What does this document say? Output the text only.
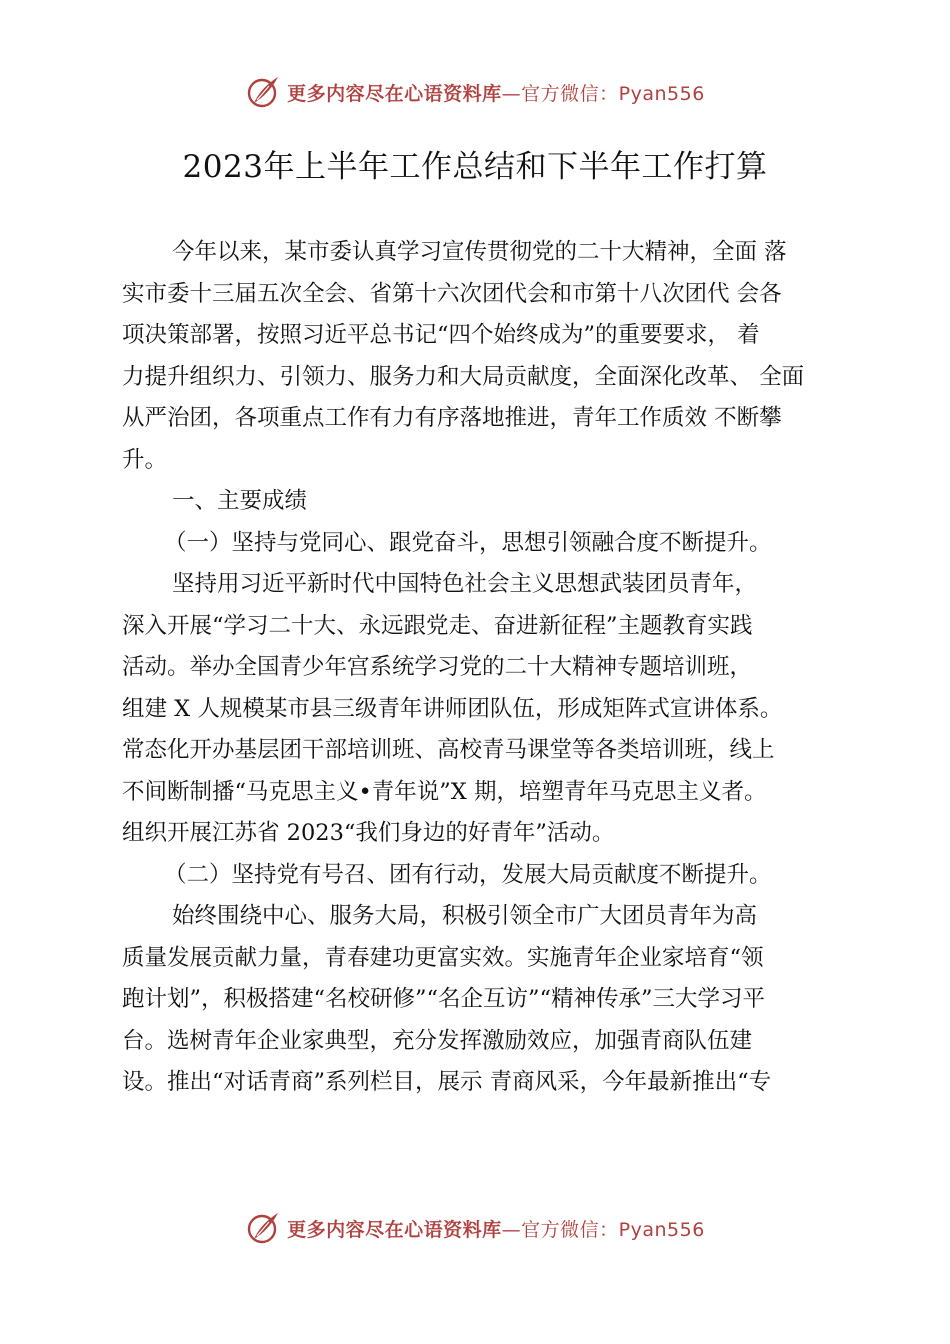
更多内容尽在心语资料库—官方微信：Pyan556
2023年上半年工作总结和下半年工作打算

今年以来，某市委认真学习宣传贯彻党的二十大精神，全面 落

实市委十三届五次全会、省第十六次团代会和市第十八次团代 会各

项决策部署，按照习近平总书记“四个始终成为”的重要要求， 着

力提升组织力、引领力、服务力和大局贡献度，全面深化改革、 全面

从严治团，各项重点工作有力有序落地推进，青年工作质效 不断攀

升。

一、主要成绩

（一）坚持与党同心、跟党奋斗，思想引领融合度不断提升。

坚持用习近平新时代中国特色社会主义思想武装团员青年，

深入开展“学习二十大、永远跟党走、奋进新征程”主题教育实践

活动。举办全国青少年宫系统学习党的二十大精神专题培训班，

组建 X 人规模某市县三级青年讲师团队伍，形成矩阵式宣讲体系。

常态化开办基层团干部培训班、高校青马课堂等各类培训班，线上

不间断制播“马克思主义•青年说”X 期，培塑青年马克思主义者。

组织开展江苏省 2023“我们身边的好青年”活动。

（二）坚持党有号召、团有行动，发展大局贡献度不断提升。

始终围绕中心、服务大局，积极引领全市广大团员青年为高

质量发展贡献力量，青春建功更富实效。实施青年企业家培育“领

跑计划”，积极搭建“名校研修”“名企互访”“精神传承”三大学习平

台。选树青年企业家典型，充分发挥激励效应，加强青商队伍建

设。推出“对话青商”系列栏目，展示 青商风采，今年最新推出“专

更多内容尽在心语资料库—官方微信：Pyan556
